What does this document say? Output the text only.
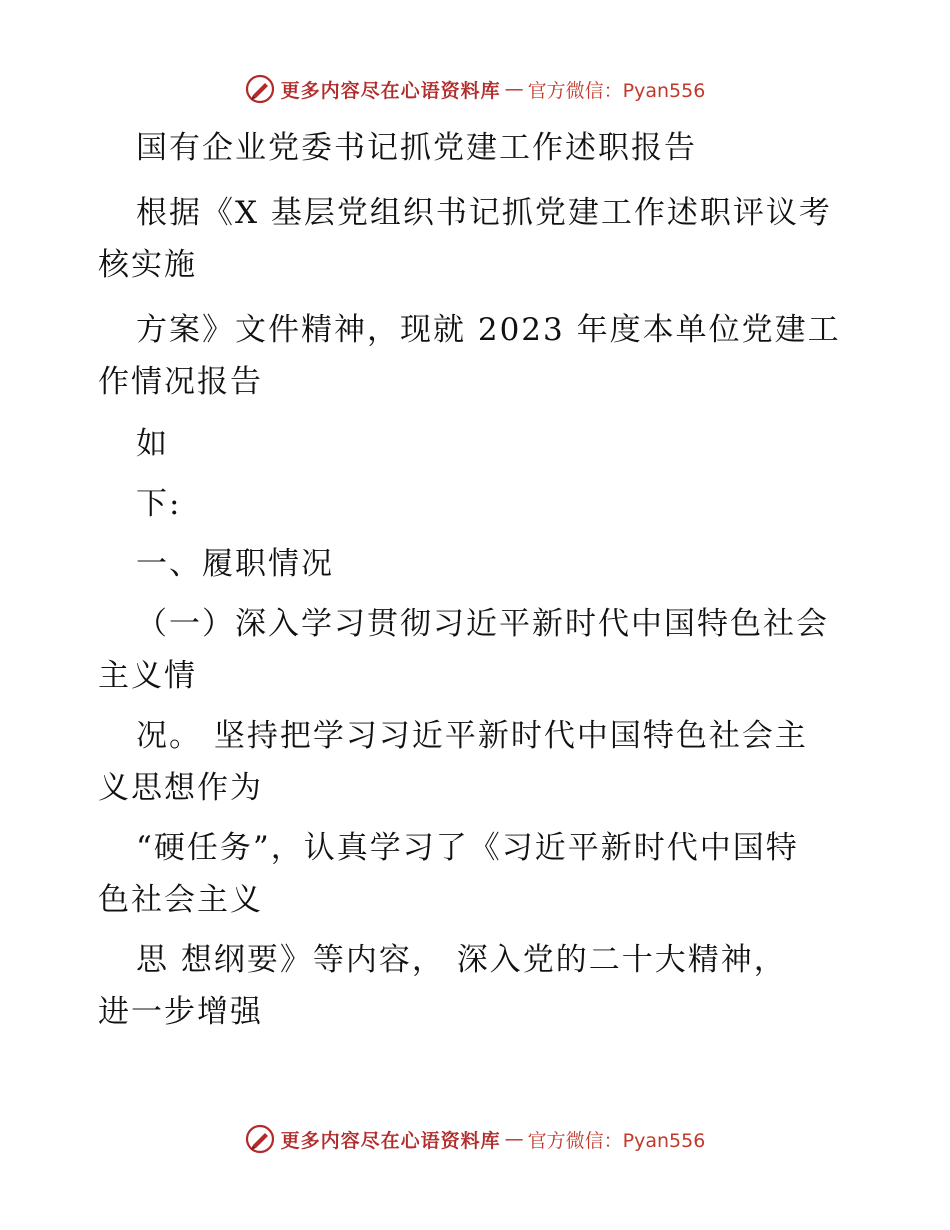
更多内容尽在心语资料库 — 官方微信：Pyan556
国有企业党委书记抓党建工作述职报告
根据《X 基层党组织书记抓党建工作述职评议考
核实施
方案》文件精神，现就 2023 年度本单位党建工
作情况报告
如
下:
一、履职情况
（一）深入学习贯彻习近平新时代中国特色社会
主义情
况。 坚持把学习习近平新时代中国特色社会主
义思想作为
“硬任务”，认真学习了《习近平新时代中国特
色社会主义
思 想纲要》等内容， 深入党的二十大精神，
进一步增强
更多内容尽在心语资料库 — 官方微信：Pyan556
